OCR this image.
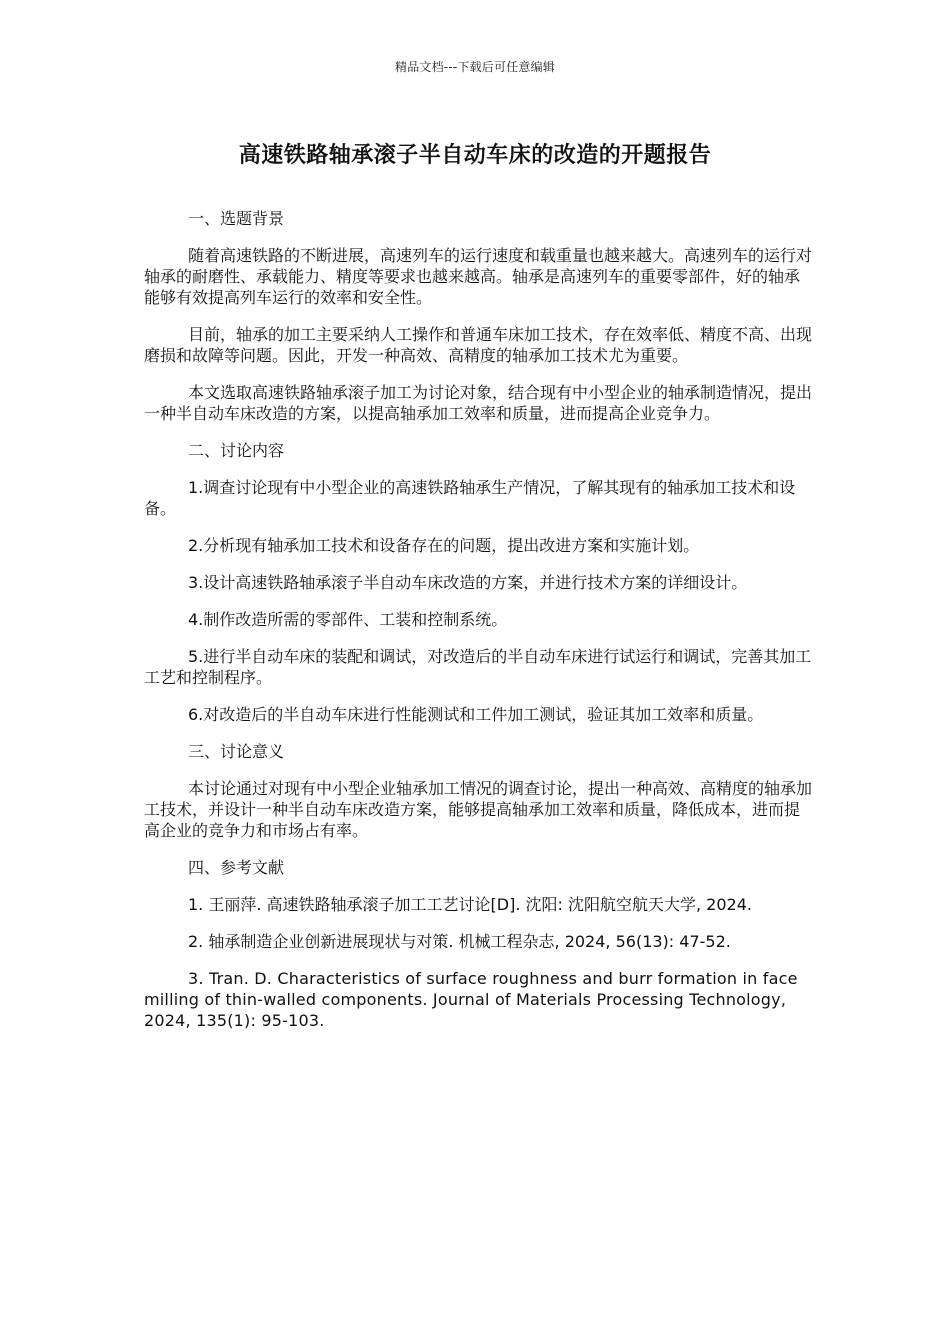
精品文档---下载后可任意编辑
高速铁路轴承滚子半自动车床的改造的开题报告

一、选题背景

随着高速铁路的不断进展，高速列车的运行速度和载重量也越来越大。高速列车的运行对轴承的耐磨性、承载能力、精度等要求也越来越高。轴承是高速列车的重要零部件，好的轴承能够有效提高列车运行的效率和安全性。

目前，轴承的加工主要采纳人工操作和普通车床加工技术，存在效率低、精度不高、出现磨损和故障等问题。因此，开发一种高效、高精度的轴承加工技术尤为重要。

本文选取高速铁路轴承滚子加工为讨论对象，结合现有中小型企业的轴承制造情况，提出一种半自动车床改造的方案，以提高轴承加工效率和质量，进而提高企业竞争力。

二、讨论内容

1.调查讨论现有中小型企业的高速铁路轴承生产情况，了解其现有的轴承加工技术和设备。

2.分析现有轴承加工技术和设备存在的问题，提出改进方案和实施计划。

3.设计高速铁路轴承滚子半自动车床改造的方案，并进行技术方案的详细设计。

4.制作改造所需的零部件、工装和控制系统。

5.进行半自动车床的装配和调试，对改造后的半自动车床进行试运行和调试，完善其加工工艺和控制程序。

6.对改造后的半自动车床进行性能测试和工件加工测试，验证其加工效率和质量。

三、讨论意义

本讨论通过对现有中小型企业轴承加工情况的调查讨论，提出一种高效、高精度的轴承加工技术，并设计一种半自动车床改造方案，能够提高轴承加工效率和质量，降低成本，进而提高企业的竞争力和市场占有率。

四、参考文献

1. 王丽萍. 高速铁路轴承滚子加工工艺讨论[D]. 沈阳: 沈阳航空航天大学, 2024.

2. 轴承制造企业创新进展现状与对策. 机械工程杂志, 2024, 56(13): 47-52.

3. Tran. D. Characteristics of surface roughness and burr formation in face milling of thin-walled components. Journal of Materials Processing Technology, 2024, 135(1): 95-103.
